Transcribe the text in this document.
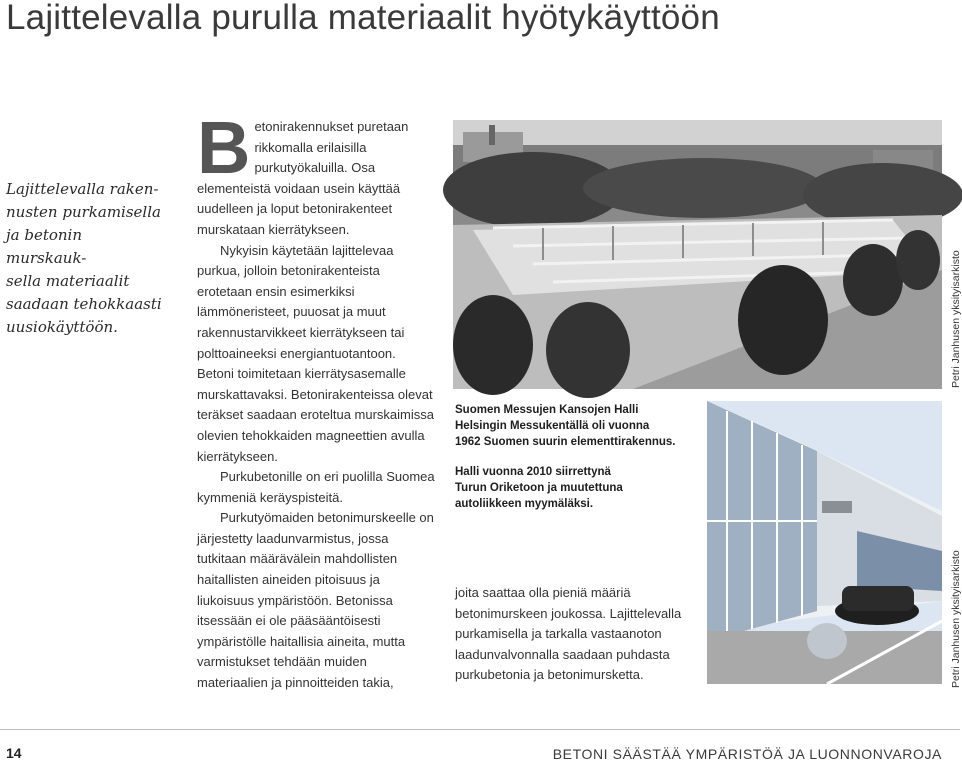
Lajittelevalla purulla materiaalit hyötykäyttöön

Lajittelevalla raken-
nusten purkamisella
ja betonin murskauk-
sella materiaalit
saadaan tehokkaasti
uusiokäyttöön.

Betonirakennukset puretaan rikkomalla erilaisilla purkutyökaluilla. Osa elementeistä voidaan usein käyttää uudelleen ja loput betonirakenteet murskataan kierrätykseen.

Nykyisin käytetään lajittelevaa purkua, jolloin betonirakenteista erotetaan ensin esimerkiksi lämmöneristeet, puuosat ja muut rakennustarvikkeet kierrätykseen tai polttoaineeksi energiantuotantoon. Betoni toimitetaan kierrätysasemalle murskattavaksi. Betonirakenteissa olevat teräkset saadaan eroteltua murskaimissa olevien tehokkaiden magneettien avulla kierrätykseen.

Purkubetonille on eri puolilla Suomea kymmeniä keräyspisteitä.

Purkutyömaiden betonimurskeelle on järjestetty laadunvarmistus, jossa tutkitaan määrävälein mahdollisten haitallisten aineiden pitoisuus ja liukoisuus ympäristöön. Betonissa itsessään ei ole pääsääntöisesti ympäristölle haitallisia aineita, mutta varmistukset tehdään muiden materiaalien ja pinnoitteiden takia,

Suomen Messujen Kansojen Halli
Helsingin Messukentällä oli vuonna
1962 Suomen suurin elementtirakennus.

Halli vuonna 2010 siirrettynä
Turun Oriketoon ja muutettuna
autoliikkeen myymäläksi.

joita saattaa olla pieniä määriä betonimurskeen joukossa. Lajittelevalla purkamisella ja tarkalla vastaanoton laadunvalvonnalla saadaan puhdasta purkubetonia ja betonimursketta.

Petri Janhusen yksityisarkisto
Petri Janhusen yksityisarkisto
14	BETONI SÄÄSTÄÄ YMPÄRISTÖÄ JA LUONNONVAROJA
